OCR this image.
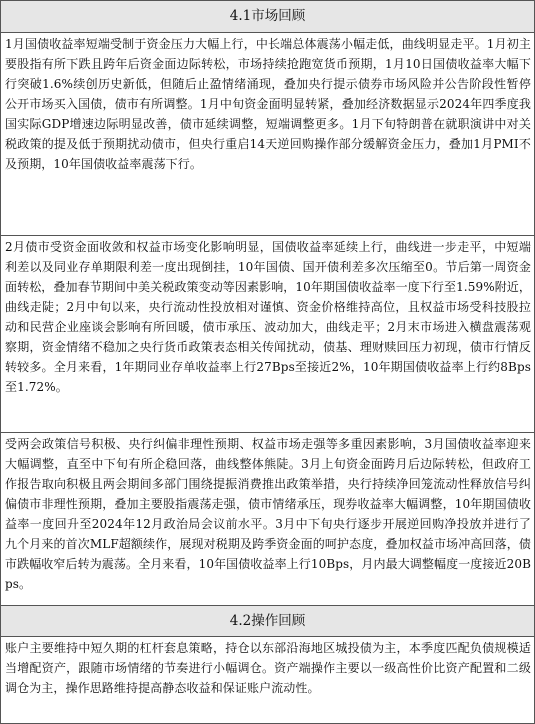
4.1市场回顾
1月国债收益率短端受制于资金压力大幅上行，中长端总体震荡小幅走低，曲线明显走平。1月初主要股指有所下跌且跨年后资金面边际转松，市场持续抢跑宽货币预期，1月10日国债收益率大幅下行突破1.6%续创历史新低，但随后止盈情绪涌现，叠加央行提示债券市场风险并公告阶段性暂停公开市场买入国债，债市有所调整。1月中旬资金面明显转紧，叠加经济数据显示2024年四季度我国实际GDP增速边际明显改善，债市延续调整，短端调整更多。1月下旬特朗普在就职演讲中对关税政策的提及低于预期扰动债市，但央行重启14天逆回购操作部分缓解资金压力，叠加1月PMI不及预期，10年国债收益率震荡下行。
2月债市受资金面收敛和权益市场变化影响明显，国债收益率延续上行，曲线进一步走平，中短端利差以及同业存单期限利差一度出现倒挂，10年国债、国开债利差多次压缩至0。节后第一周资金面转松，叠加春节期间中美关税政策变动等因素影响，10年期国债收益率一度下行至1.59%附近，曲线走陡；2月中旬以来，央行流动性投放相对谨慎、资金价格维持高位，且权益市场受科技股拉动和民营企业座谈会影响有所回暖，债市承压、波动加大，曲线走平；2月末市场进入横盘震荡观察期，资金情绪不稳加之央行货币政策表态相关传闻扰动，债基、理财赎回压力初现，债市行情反转较多。全月来看，1年期同业存单收益率上行27Bps至接近2%，10年期国债收益率上行约8Bps至1.72%。
受两会政策信号积极、央行纠偏非理性预期、权益市场走强等多重因素影响，3月国债收益率迎来大幅调整，直至中下旬有所企稳回落，曲线整体熊陡。3月上旬资金面跨月后边际转松，但政府工作报告取向积极且两会期间多部门围绕提振消费推出政策举措，央行持续净回笼流动性释放信号纠偏债市非理性预期，叠加主要股指震荡走强，债市情绪承压，现券收益率大幅调整，10年期国债收益率一度回升至2024年12月政治局会议前水平。3月中下旬央行逐步开展逆回购净投放并进行了九个月来的首次MLF超额续作，展现对税期及跨季资金面的呵护态度，叠加权益市场冲高回落，债市跌幅收窄后转为震荡。全月来看，10年国债收益率上行10Bps，月内最大调整幅度一度接近20Bps。
4.2操作回顾
账户主要维持中短久期的杠杆套息策略，持仓以东部沿海地区城投债为主，本季度匹配负债规模适当增配资产，跟随市场情绪的节奏进行小幅调仓。资产端操作主要以一级高性价比资产配置和二级调仓为主，操作思路维持提高静态收益和保证账户流动性。
